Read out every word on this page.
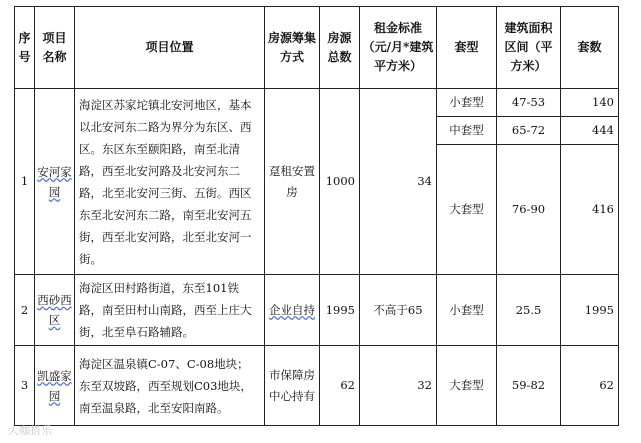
序号	项目名称	项目位置	房源筹集方式	房源总数	租金标准（元/月*建筑平方米）	套型	建筑面积区间（平方米）	套数
1	安河家园	海淀区苏家坨镇北安河地区，基本以北安河东二路为界分为东区、西区。东区东至颐阳路，南至北清路，西至北安河路及北安河东二路，北至北安河三街、五街。西区东至北安河东二路，南至北安河五街，西至北安河路，北至北安河一街。	趸租安置房	1000	34	小套型	47-53	140
						中套型	65-72	444
						大套型	76-90	416
2	西砂西区	海淀区田村路街道，东至101铁路，南至田村山南路，西至上庄大街，北至阜石路辅路。	企业自持	1995	不高于65	小套型	25.5	1995
3	凯盛家园	海淀区温泉镇C-07、C-08地块；东至双坡路，西至规划C03地块，南至温泉路，北至安阳南路。	市保障房中心持有	62	32	大套型	59-82	62
大咖搭乐
